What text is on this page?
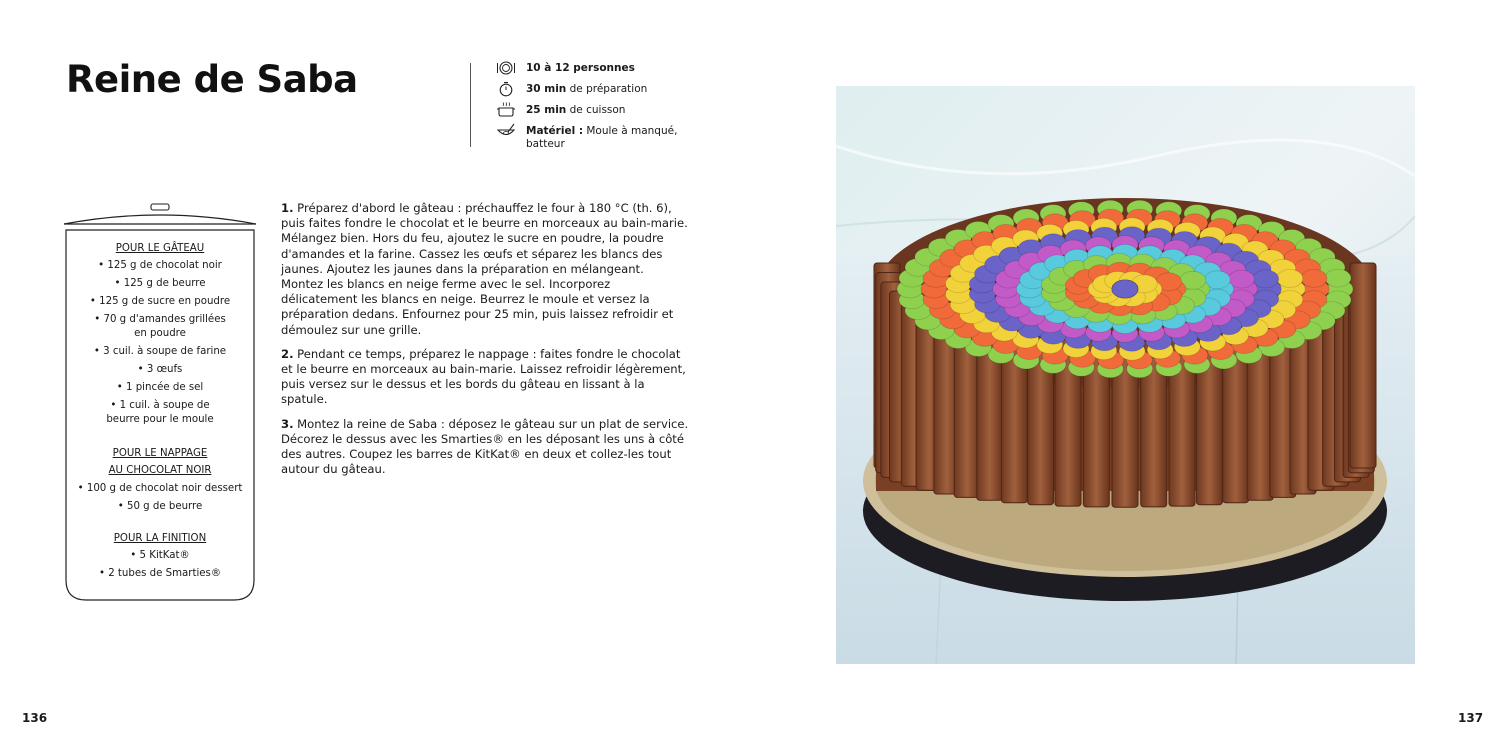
Reine de Saba	10 à 12 personnes
30 min de préparation
25 min de cuisson
Matériel : Moule à manqué, batteur

POUR LE GÂTEAU

• 125 g de chocolat noir
• 125 g de beurre
• 125 g de sucre en poudre
• 70 g d'amandes grillées en poudre
• 3 cuil. à soupe de farine
• 3 œufs
• 1 pincée de sel
• 1 cuil. à soupe de beurre pour le moule

POUR LE NAPPAGE AU CHOCOLAT NOIR

• 100 g de chocolat noir dessert
• 50 g de beurre

POUR LA FINITION

• 5 KitKat®
• 2 tubes de Smarties®

1. Préparez d'abord le gâteau : préchauffez le four à 180 °C (th. 6), puis faites fondre le chocolat et le beurre en morceaux au bain-marie. Mélangez bien. Hors du feu, ajoutez le sucre en poudre, la poudre d'amandes et la farine. Cassez les œufs et séparez les blancs des jaunes. Ajoutez les jaunes dans la préparation en mélangeant. Montez les blancs en neige ferme avec le sel. Incorporez délicatement les blancs en neige. Beurrez le moule et versez la préparation dedans. Enfournez pour 25 min, puis laissez refroidir et démoulez sur une grille.

2. Pendant ce temps, préparez le nappage : faites fondre le chocolat et le beurre en morceaux au bain-marie. Laissez refroidir légèrement, puis versez sur le dessus et les bords du gâteau en lissant à la spatule.

3. Montez la reine de Saba : déposez le gâteau sur un plat de service. Décorez le dessus avec les Smarties® en les déposant les uns à côté des autres. Coupez les barres de KitKat® en deux et collez-les tout autour du gâteau.

136	137
